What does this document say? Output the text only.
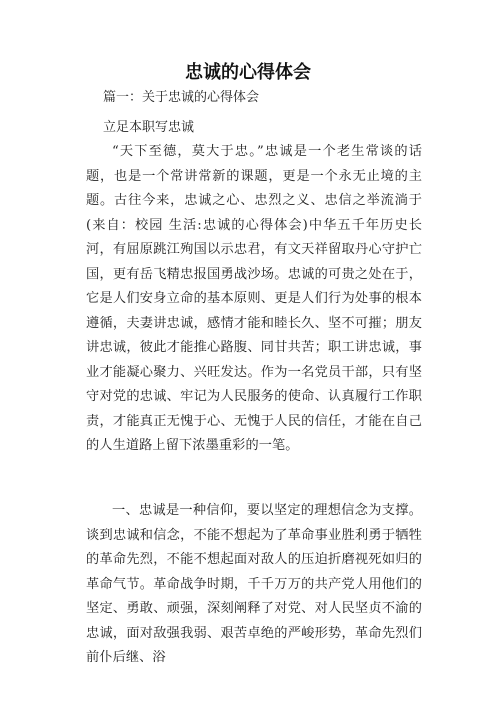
忠诚的心得体会
篇一：关于忠诚的心得体会
立足本职写忠诚

“天下至德，莫大于忠。”忠诚是一个老生常谈的话题，也是一个常讲常新的课题，更是一个永无止境的主题。古往今来，忠诚之心、忠烈之义、忠信之举流淌于(来自：校园 生活:忠诚的心得体会)中华五千年历史长河，有屈原跳江殉国以示忠君，有文天祥留取丹心守护亡国，更有岳飞精忠报国勇战沙场。忠诚的可贵之处在于，它是人们安身立命的基本原则、更是人们行为处事的根本遵循，夫妻讲忠诚，感情才能和睦长久、坚不可摧；朋友讲忠诚，彼此才能推心路腹、同甘共苦；职工讲忠诚，事业才能凝心聚力、兴旺发达。作为一名党员干部，只有坚守对党的忠诚、牢记为人民服务的使命、认真履行工作职责，才能真正无愧于心、无愧于人民的信任，才能在自己的人生道路上留下浓墨重彩的一笔。

一、忠诚是一种信仰，要以坚定的理想信念为支撑。谈到忠诚和信念，不能不想起为了革命事业胜利勇于牺牲的革命先烈，不能不想起面对敌人的压迫折磨视死如归的革命气节。革命战争时期，千千万万的共产党人用他们的坚定、勇敢、顽强，深刻阐释了对党、对人民坚贞不渝的忠诚，面对敌强我弱、艰苦卓绝的严峻形势，革命先烈们前仆后继、浴
